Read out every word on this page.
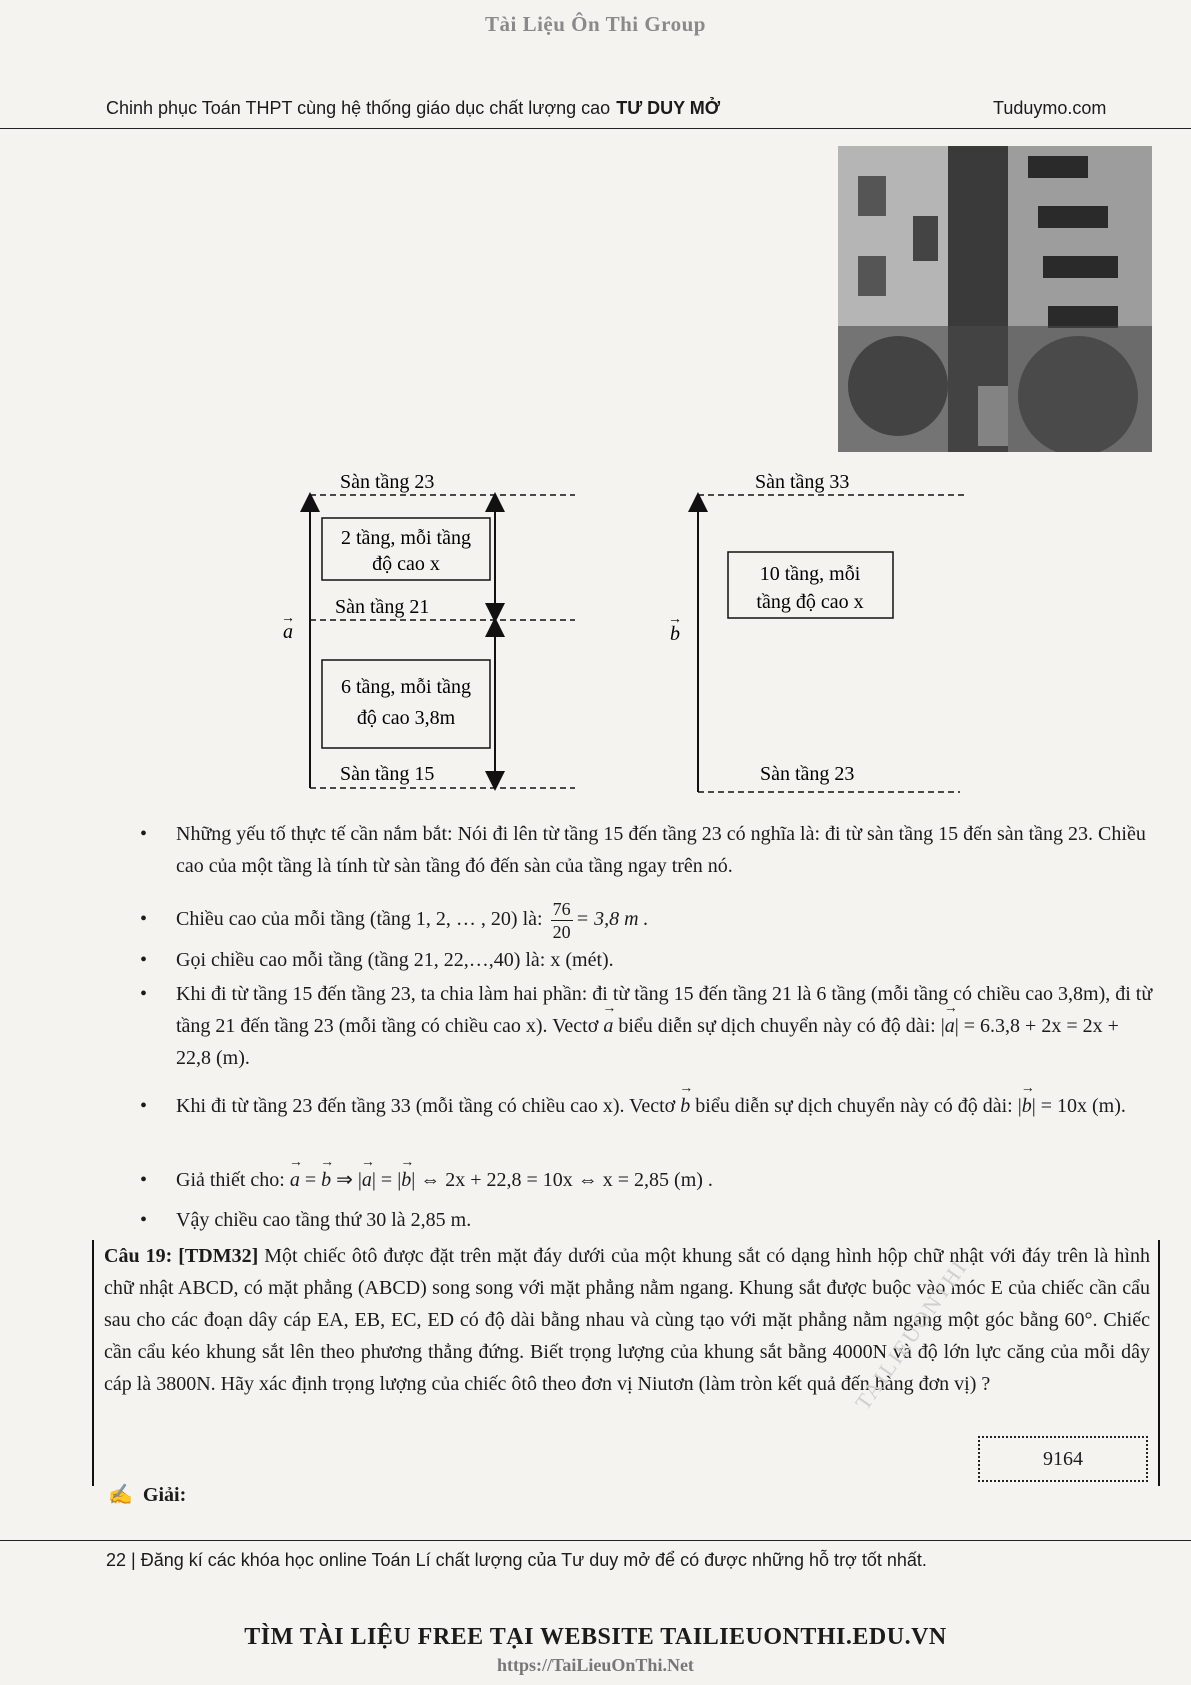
Tài Liệu Ôn Thi Group
Chinh phục Toán THPT cùng hệ thống giáo dục chất lượng cao TƯ DUY MỞ	Tuduymo.com
Sàn tầng 23
Sàn tầng 21
Sàn tầng 15
2 tầng, mỗi tầng
độ cao x
6 tầng, mỗi tầng
độ cao 3,8m
a
→
Sàn tầng 33
Sàn tầng 23
10 tầng, mỗi
tầng độ cao x
b
→
• Những yếu tố thực tế cần nắm bắt: Nói đi lên từ tầng 15 đến tầng 23 có nghĩa là: đi từ sàn tầng 15 đến sàn tầng 23. Chiều cao của một tầng là tính từ sàn tầng đó đến sàn của tầng ngay trên nó.
• Chiều cao của mỗi tầng (tầng 1, 2, … , 20) là: $\frac{76}{20} = 3,8$ m .
• Gọi chiều cao mỗi tầng (tầng 21, 22,…,40) là: x (mét).
• Khi đi từ tầng 15 đến tầng 23, ta chia làm hai phần: đi từ tầng 15 đến tầng 21 là 6 tầng (mỗi tầng có chiều cao 3,8m), đi từ tầng 21 đến tầng 23 (mỗi tầng có chiều cao x). Vectơ → a biểu diễn sự dịch chuyển này có độ dài: |→ a| = 6.3,8 + 2x = 2x + 22,8 (m).
• Khi đi từ tầng 23 đến tầng 33 (mỗi tầng có chiều cao x). Vectơ → b biểu diễn sự dịch chuyển này có độ dài: |→ b| = 10x (m).
• Giả thiết cho: → a = → b ⇒ |→ a| = |→ b| ⇔ 2x + 22,8 = 10x ⇔ x = 2,85 (m) .
• Vậy chiều cao tầng thứ 30 là 2,85 m.
Câu 19: [TDM32] Một chiếc ôtô được đặt trên mặt đáy dưới của một khung sắt có dạng hình hộp chữ nhật với đáy trên là hình chữ nhật ABCD, có mặt phẳng (ABCD) song song với mặt phẳng nằm ngang. Khung sắt được buộc vào móc E của chiếc cần cẩu sau cho các đoạn dây cáp EA, EB, EC, ED có độ dài bằng nhau và cùng tạo với mặt phẳng nằm ngang một góc bằng 60°. Chiếc cần cẩu kéo khung sắt lên theo phương thẳng đứng. Biết trọng lượng của khung sắt bằng 4000N và độ lớn lực căng của mỗi dây cáp là 3800N. Hãy xác định trọng lượng của chiếc ôtô theo đơn vị Niutơn (làm tròn kết quả đến hàng đơn vị) ?
9164
✍ Giải:
TAILIEUONTHI
22 | Đăng kí các khóa học online Toán Lí chất lượng của Tư duy mở để có được những hỗ trợ tốt nhất.
TÌM TÀI LIỆU FREE TẠI WEBSITE TAILIEUONTHI.EDU.VN
https://TaiLieuOnThi.Net
